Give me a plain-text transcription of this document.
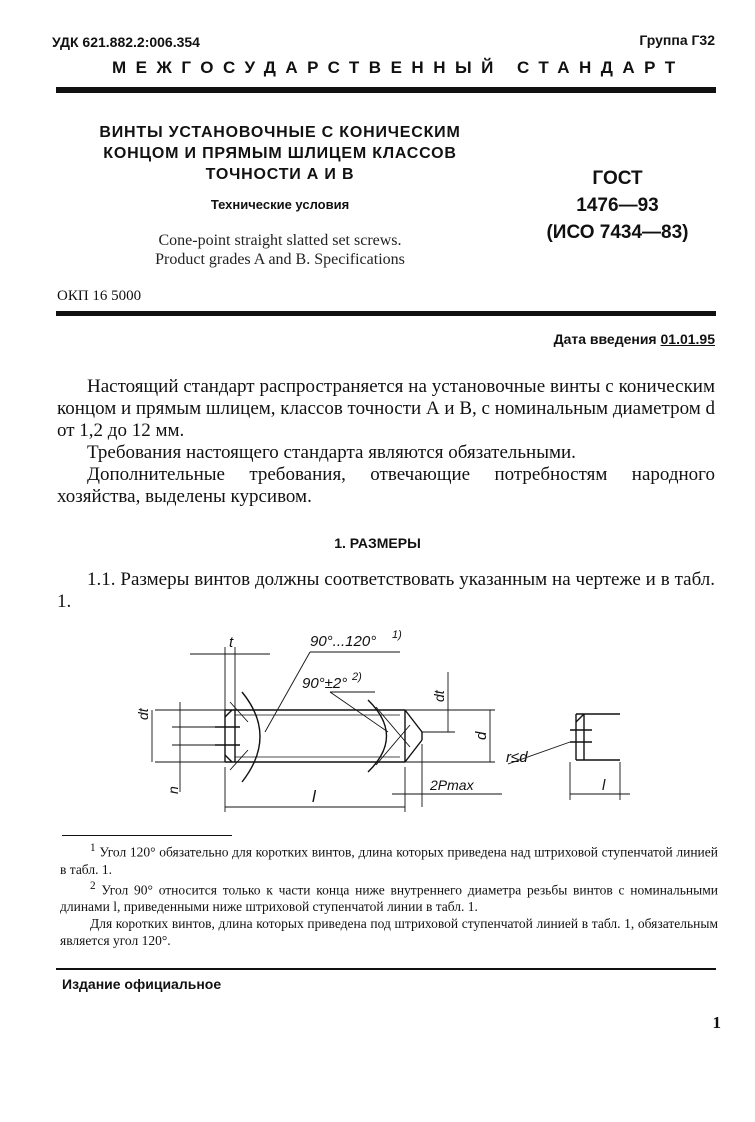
УДК 621.882.2:006.354	Группа Г32
МЕЖГОСУДАРСТВЕННЫЙ СТАНДАРТ
ВИНТЫ УСТАНОВОЧНЫЕ С КОНИЧЕСКИМ
КОНЦОМ И ПРЯМЫМ ШЛИЦЕМ КЛАССОВ
ТОЧНОСТИ А И B
Технические условия
Cone-point straight slatted set screws.
Product grades A and B. Specifications
ГОСТ
1476—93
(ИСО 7434—83)
ОКП 16 5000
Дата введения 01.01.95

Настоящий стандарт распространяется на установочные винты с коническим концом и прямым шлицем, классов точности А и B, с номинальным диаметром d от 1,2 до 12 мм.

Требования настоящего стандарта являются обязательными.

Дополнительные требования, отвечающие потребностям народного хозяйства, выделены курсивом.

1. РАЗМЕРЫ

1.1. Размеры винтов должны соответствовать указанным на чертеже и в табл. 1.

t	90°...120° 1)
90°±2° 2)
dt
n
dt
d
l
2Pmax
r≤d
l

$^1$ Угол 120° обязательно для коротких винтов, длина которых приведена над штриховой ступенчатой линией в табл. 1.

$^2$ Угол 90° относится только к части конца ниже внутреннего диаметра резьбы винтов с номинальными длинами l, приведенными ниже штриховой ступенчатой линии в табл. 1.

Для коротких винтов, длина которых приведена под штриховой ступенчатой линией в табл. 1, обязательным является угол 120°.

Издание официальное
1
